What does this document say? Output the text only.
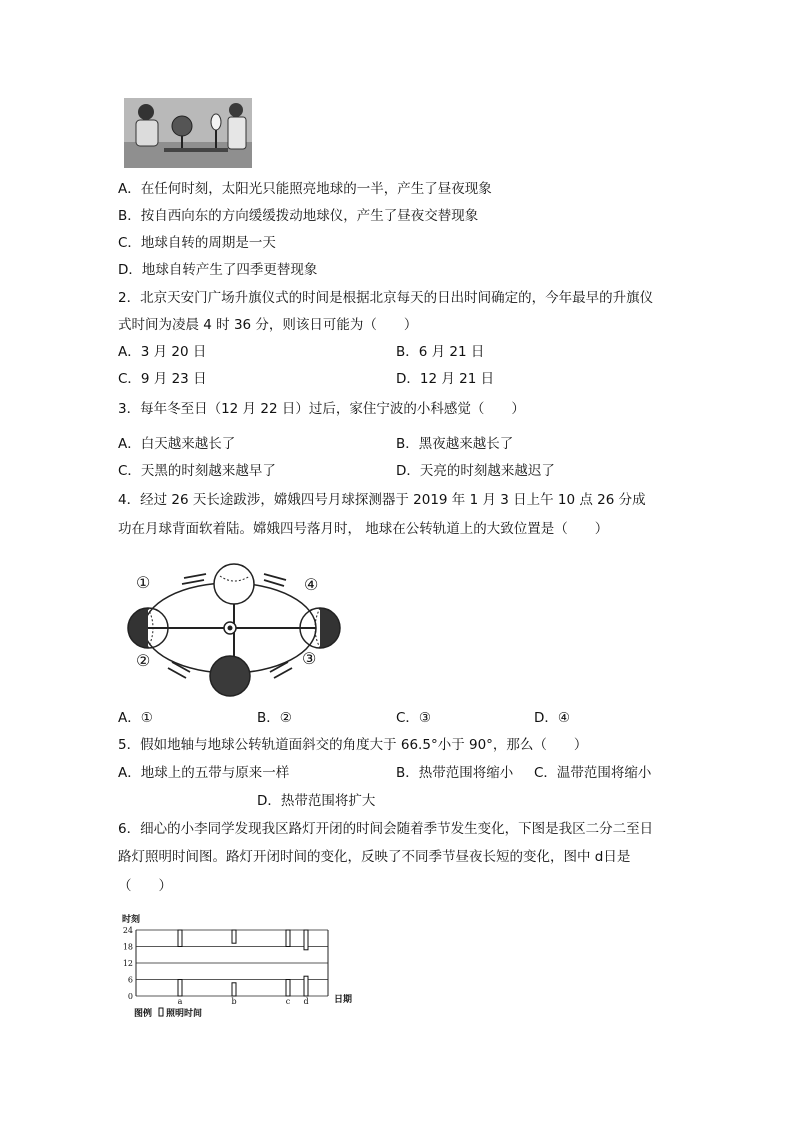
A．在任何时刻，太阳光只能照亮地球的一半，产生了昼夜现象
B．按自西向东的方向缓缓拨动地球仪，产生了昼夜交替现象
C．地球自转的周期是一天
D．地球自转产生了四季更替现象
2．北京天安门广场升旗仪式的时间是根据北京每天的日出时间确定的，今年最早的升旗仪
式时间为凌晨 4 时 36 分，则该日可能为（　　）
A．3 月 20 日	B．6 月 21 日
C．9 月 23 日	D．12 月 21 日
3．每年冬至日（12 月 22 日）过后，家住宁波的小科感觉（　　）
A．白天越来越长了	B．黑夜越来越长了
C．天黑的时刻越来越早了	D．天亮的时刻越来越迟了
4．经过 26 天长途跋涉，嫦娥四号月球探测器于 2019 年 1 月 3 日上午 10 点 26 分成
功在月球背面软着陆。嫦娥四号落月时， 地球在公转轨道上的大致位置是（　　）
①
②	③
④
A．①	B．②	C．③	D．④
5．假如地轴与地球公转轨道面斜交的角度大于 66.5°小于 90°，那么（　　）
A．地球上的五带与原来一样	B．热带范围将缩小 C．温带范围将缩小
D．热带范围将扩大
6．细心的小李同学发现我区路灯开闭的时间会随着季节发生变化，下图是我区二分二至日
路灯照明时间图。路灯开闭时间的变化，反映了不同季节昼夜长短的变化，图中 d日是
（　　）
时刻
24
18
12
6
0
a	b	c d	日期
图例 照明时间
